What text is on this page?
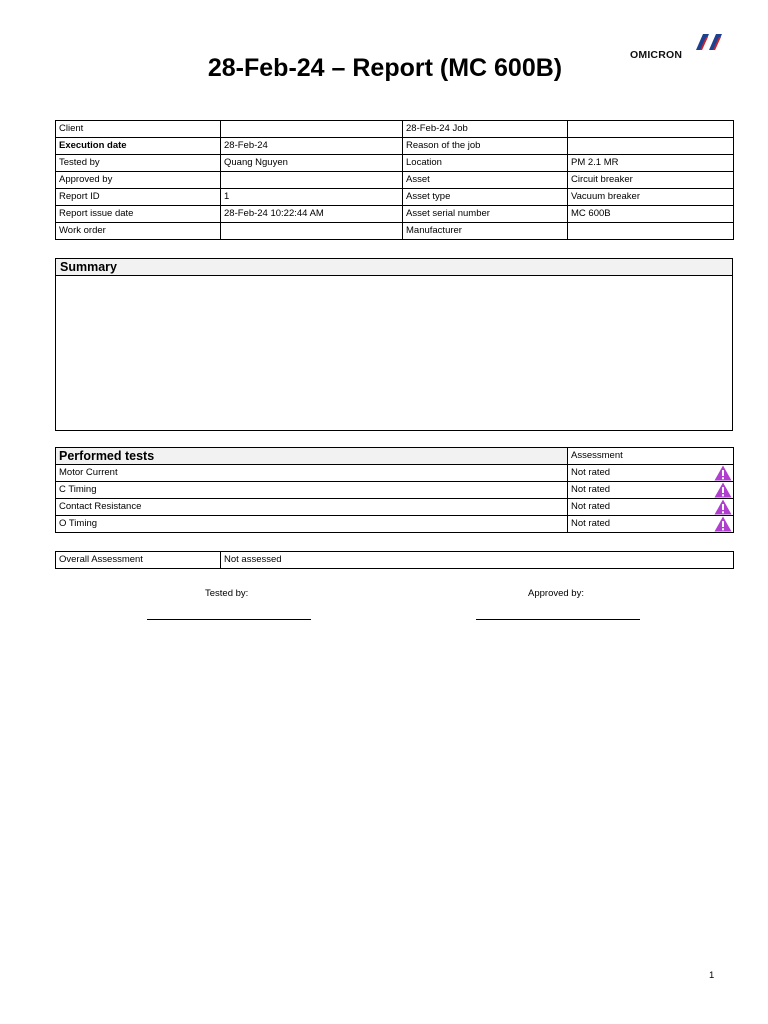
OMICRON
28-Feb-24 – Report (MC 600B)
Client		28-Feb-24 Job	
Execution date	28-Feb-24	Reason of the job	
Tested by	Quang Nguyen	Location	PM 2.1 MR
Approved by		Asset	Circuit breaker
Report ID	1	Asset type	Vacuum breaker
Report issue date	28-Feb-24 10:22:44 AM	Asset serial number	MC 600B
Work order		Manufacturer	
Summary
Performed tests	Assessment
Motor Current	Not rated

C Timing	Not rated

Contact Resistance	Not rated

O Timing	Not rated
Overall Assessment	Not assessed
Tested by:	Approved by:
1
